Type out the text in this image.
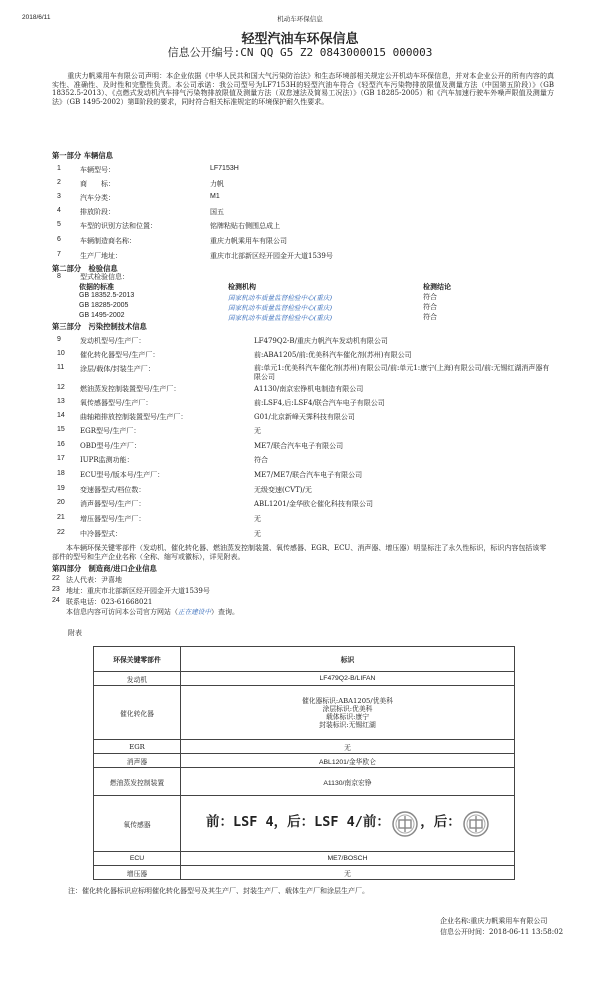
2018/6/11	机动车环保信息
轻型汽油车环保信息
信息公开编号:CN QQ G5 Z2 0843000015 000003
重庆力帆乘用车有限公司声明：本企业依据《中华人民共和国大气污染防治法》和生态环境部相关规定公开机动车环保信息，并对本企业公开的所有内容的真实性、准确性、及时性和完整性负责。本公司承诺：我公司型号为LF7153H的轻型汽油车符合《轻型汽车污染物排放限值及测量方法（中国第五阶段）》（GB 18352.5-2013）、《点燃式发动机汽车排气污染物排放限值及测量方法（双怠速法及简易工况法）》（GB 18285-2005）和《汽车加速行驶车外噪声限值及测量方法》（GB 1495-2002）第Ⅱ阶段的要求，同时符合相关标准规定的环境保护耐久性要求。
第一部分 车辆信息
1	车辆型号：	LF7153H
2	商　　标：	力帆
3	汽车分类：	M1
4	排放阶段：	国五
5	车型的识别方法和位置：	铭牌粘贴右侧围总成上
6	车辆制造商名称：	重庆力帆乘用车有限公司
7	生产厂地址：	重庆市北部新区经开园金开大道1539号
第二部分　检验信息
8	型式检验信息：
依据的标准	检测机构	检测结论
GB 18352.5-2013	国家机动车质量监督检验中心(重庆)	符合
GB 18285-2005	国家机动车质量监督检验中心(重庆)	符合
GB 1495-2002	国家机动车质量监督检验中心(重庆)	符合
第三部分　污染控制技术信息
9	发动机型号/生产厂：	LF479Q2-B/重庆力帆汽车发动机有限公司
10 催化转化器型号/生产厂：	前:ABA1205/前:优美科汽车催化剂(苏州)有限公司
11 涂层/载体/封装生产厂：	前:单元1:优美科汽车催化剂(苏州)有限公司/前:单元1:康宁(上海)有限公司/前:无锡红湖消声器有限公司
12 燃油蒸发控制装置型号/生产厂：	A1130/南京宏铮机电制造有限公司
13 氧传感器型号/生产厂：	前:LSF4,后:LSF4/联合汽车电子有限公司
14 曲轴箱排放控制装置型号/生产厂：	G01/北京新峰天霁科技有限公司
15 EGR型号/生产厂：	无
16 OBD型号/生产厂：	ME7/联合汽车电子有限公司
17 IUPR监测功能：	符合
18 ECU型号/版本号/生产厂：	ME7/ME7/联合汽车电子有限公司
19 变速器型式/档位数：	无级变速(CVT)/无
20 消声器型号/生产厂：	ABL1201/金华欧仑催化科技有限公司
21 增压器型号/生产厂：	无
22 中冷器型式：	无
本车辆环保关键零部件（发动机、催化转化器、燃油蒸发控制装置、氧传感器、EGR、ECU、消声器、增压器）明显标注了永久性标识，标识内容包括该零部件的型号和生产企业名称（全称、缩写或徽标），详见附表。
第四部分　制造商/进口企业信息
22 法人代表：尹喜地
23 地址：重庆市北部新区经开园金开大道1539号
24 联系电话：023-61668021
本信息内容可访问本公司官方网站（正在建设中）查询。
附表
环保关键零部件	标识
发动机	LF479Q2-B/LIFAN
催化转化器	催化器标识:ABA1205/优美科
涂层标识:优美科
载体标识:康宁
封装标识:无锡红湖

EGR	无
消声器	ABL1201/金华欧仑
燃油蒸发控制装置	A1130/南京宏铮
氧传感器	前：LSF 4，后：LSF 4/前： ，后：
ECU	ME7/BOSCH
增压器	无
注：催化转化器标识应标明催化转化器型号及其生产厂、封装生产厂、载体生产厂和涂层生产厂。
企业名称:重庆力帆乘用车有限公司
信息公开时间：2018-06-11 13:58:02
